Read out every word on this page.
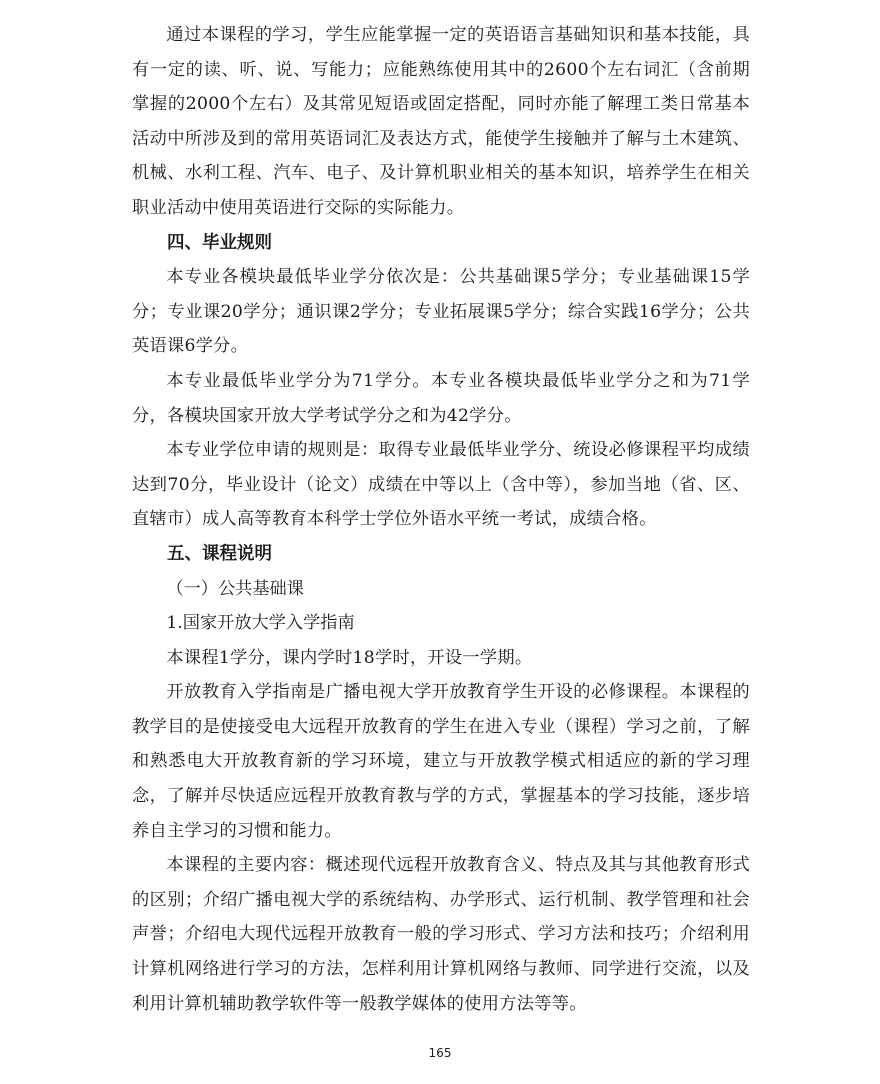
通过本课程的学习，学生应能掌握一定的英语语言基础知识和基本技能，具有一定的读、听、说、写能力；应能熟练使用其中的2600个左右词汇（含前期掌握的2000个左右）及其常见短语或固定搭配，同时亦能了解理工类日常基本活动中所涉及到的常用英语词汇及表达方式，能使学生接触并了解与土木建筑、机械、水利工程、汽车、电子、及计算机职业相关的基本知识，培养学生在相关职业活动中使用英语进行交际的实际能力。

四、毕业规则

本专业各模块最低毕业学分依次是：公共基础课5学分；专业基础课15学分；专业课20学分；通识课2学分；专业拓展课5学分；综合实践16学分；公共英语课6学分。

本专业最低毕业学分为71学分。本专业各模块最低毕业学分之和为71学分，各模块国家开放大学考试学分之和为42学分。

本专业学位申请的规则是：取得专业最低毕业学分、统设必修课程平均成绩达到70分，毕业设计（论文）成绩在中等以上（含中等），参加当地（省、区、直辖市）成人高等教育本科学士学位外语水平统一考试，成绩合格。

五、课程说明

（一）公共基础课

1.国家开放大学入学指南

本课程1学分，课内学时18学时，开设一学期。

开放教育入学指南是广播电视大学开放教育学生开设的必修课程。本课程的教学目的是使接受电大远程开放教育的学生在进入专业（课程）学习之前，了解和熟悉电大开放教育新的学习环境，建立与开放教学模式相适应的新的学习理念，了解并尽快适应远程开放教育教与学的方式，掌握基本的学习技能，逐步培养自主学习的习惯和能力。

本课程的主要内容：概述现代远程开放教育含义、特点及其与其他教育形式的区别；介绍广播电视大学的系统结构、办学形式、运行机制、教学管理和社会声誉；介绍电大现代远程开放教育一般的学习形式、学习方法和技巧；介绍利用计算机网络进行学习的方法，怎样利用计算机网络与教师、同学进行交流，以及利用计算机辅助教学软件等一般教学媒体的使用方法等等。

165
